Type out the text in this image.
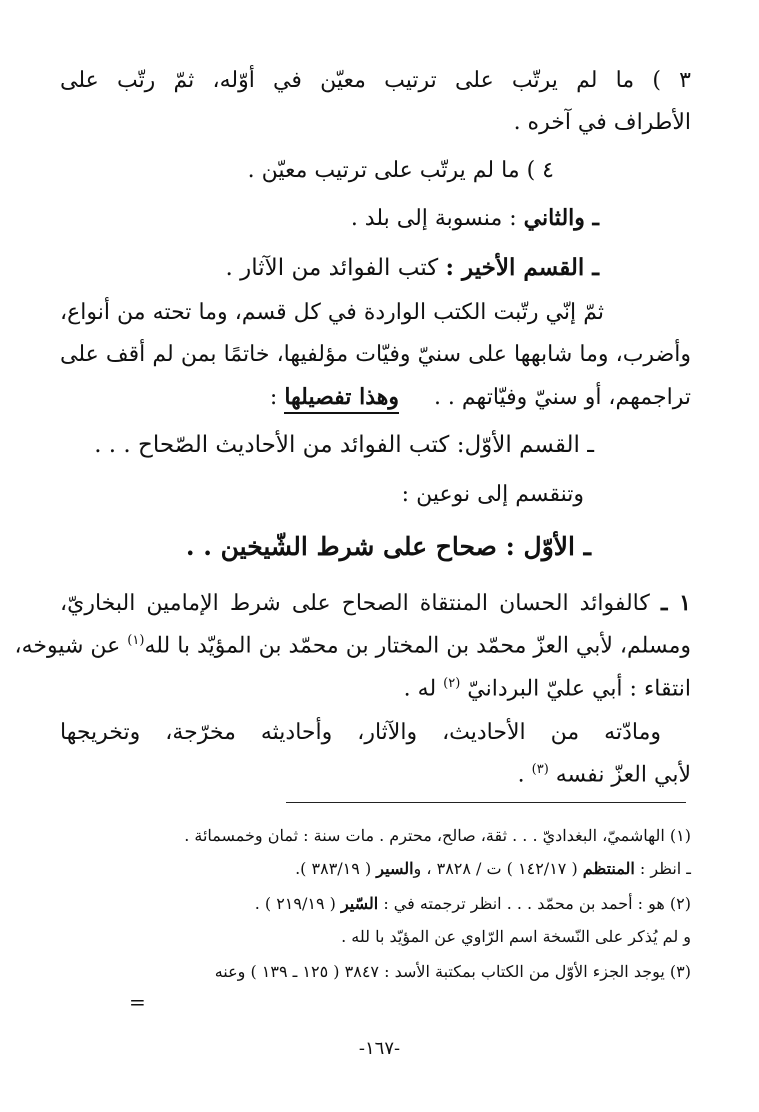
٣ ) ما لم يرتّب على ترتيب معيّن في أوّله، ثمّ رتّب على
الأطراف في آخره .
٤ ) ما لم يرتّب على ترتيب معيّن .
ـ والثاني : منسوبة إلى بلد .
ـ القسم الأخير : كتب الفوائد من الآثار .
ثمّ إنّي رتّبت الكتب الواردة في كل قسم، وما تحته من أنواع،
وأضرب، وما شابهها على سنيّ وفيّات مؤلفيها، خاتمًا بمن لم أقف على
تراجمهم، أو سنيّ وفيّاتهم . .     وهذا تفصيلها :
ـ القسم الأوّل: كتب الفوائد من الأحاديث الصّحاح . . .
وتنقسم إلى نوعين :
ـ الأوّل : صحاح على شرط الشّيخين . .
١ ـ كالفوائد الحسان المنتقاة الصحاح على شرط الإمامين البخاريّ،
ومسلم، لأبي العزّ محمّد بن المختار بن محمّد بن المؤيّد با لله$^{(١)}$ عن شيوخه،
انتقاء : أبي عليّ البردانيّ $^{(٢)}$ له .
ومادّته من الأحاديث، والآثار، وأحاديثه مخرّجة، وتخريجها
لأبي العزّ نفسه $^{(٣)}$ .
(١) الهاشميّ، البغداديّ . . . ثقة، صالح، محترم . مات سنة : ثمان وخمسمائة .
ـ انظر : المنتظم ( ١٤٢/١٧ ) ت / ٣٨٢٨ ، والسير ( ٣٨٣/١٩ ).
(٢) هو : أحمد بن محمّد . . . انظر ترجمته في : السّير ( ٢١٩/١٩ ) .
و لم يُذكر على النّسخة اسم الرّاوي عن المؤيّد با لله .
(٣) يوجد الجزء الأوّل من الكتاب بمكتبة الأسد : ٣٨٤٧ ( ١٢٥ ـ ١٣٩ ) وعنه
=
-١٦٧-
